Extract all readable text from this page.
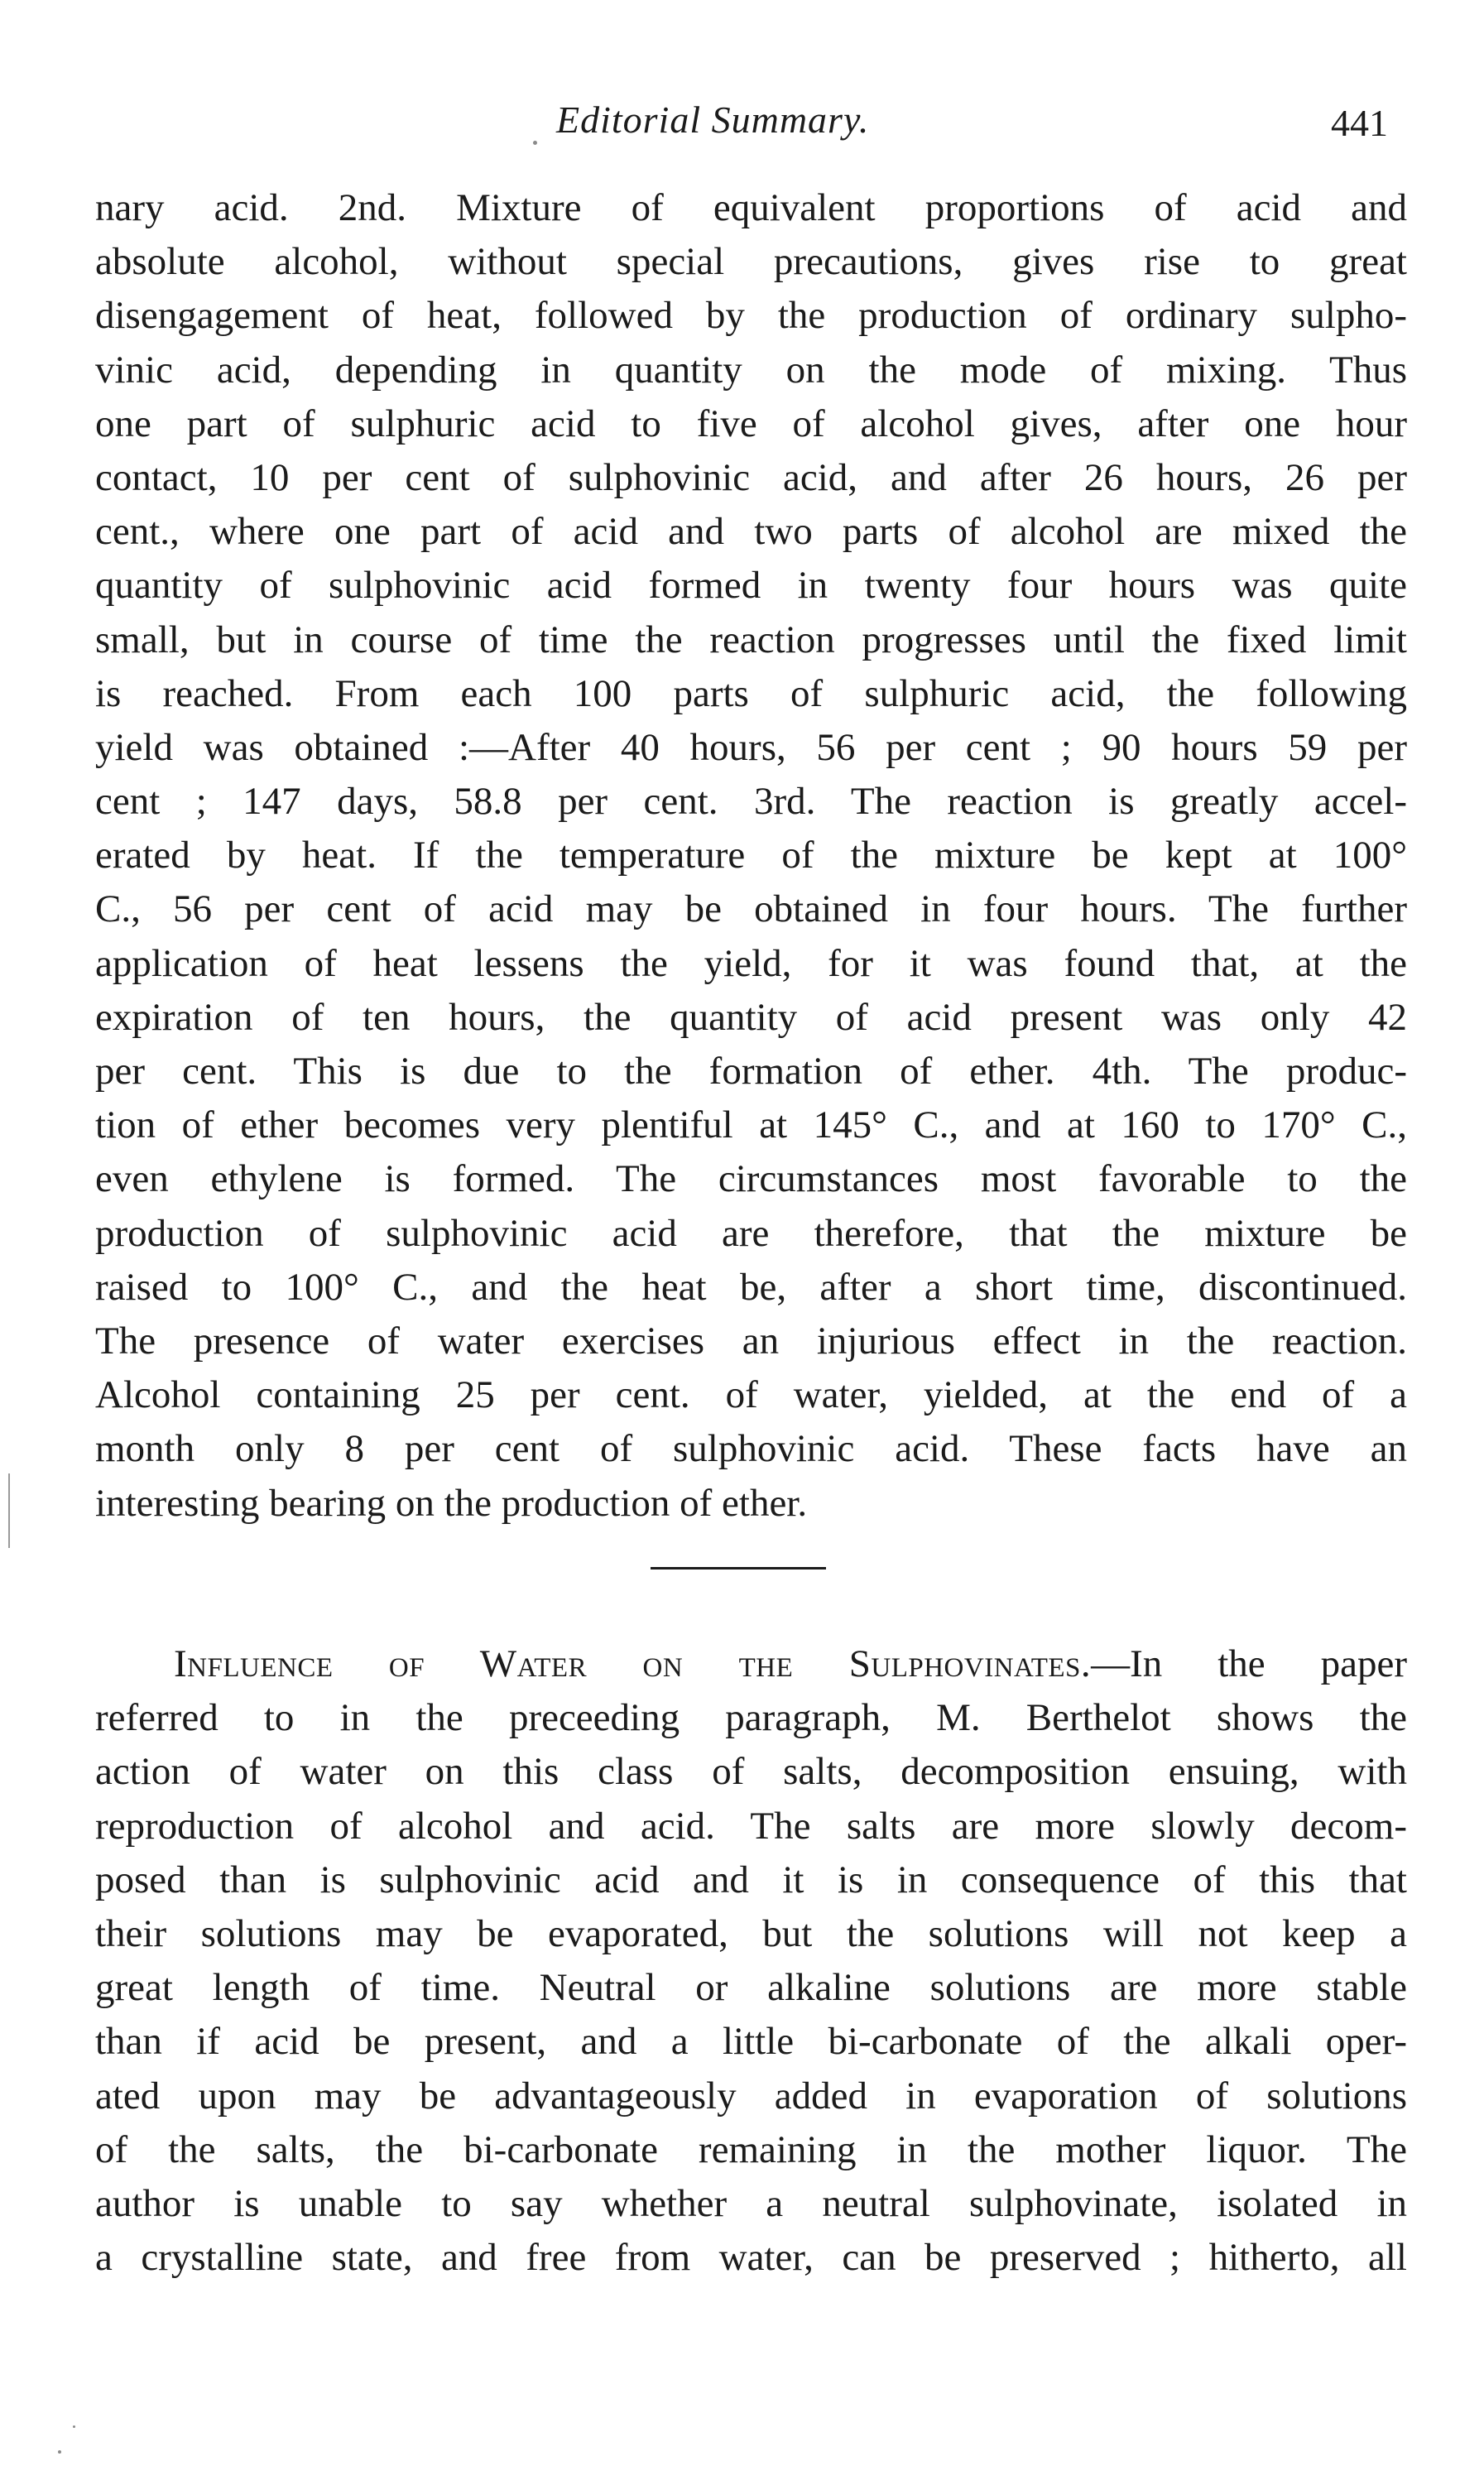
Editorial Summary.	441
nary acid. 2nd. Mixture of equivalent proportions of acid and
absolute alcohol, without special precautions, gives rise to great
disengagement of heat, followed by the production of ordinary sulpho-
vinic acid, depending in quantity on the mode of mixing. Thus
one part of sulphuric acid to five of alcohol gives, after one hour
contact, 10 per cent of sulphovinic acid, and after 26 hours, 26 per
cent., where one part of acid and two parts of alcohol are mixed the
quantity of sulphovinic acid formed in twenty four hours was quite
small, but in course of time the reaction progresses until the fixed limit
is reached. From each 100 parts of sulphuric acid, the following
yield was obtained :—After 40 hours, 56 per cent ; 90 hours 59 per
cent ; 147 days, 58.8 per cent. 3rd. The reaction is greatly accel-
erated by heat. If the temperature of the mixture be kept at 100°
C., 56 per cent of acid may be obtained in four hours. The further
application of heat lessens the yield, for it was found that, at the
expiration of ten hours, the quantity of acid present was only 42
per cent. This is due to the formation of ether. 4th. The produc-
tion of ether becomes very plentiful at 145° C., and at 160 to 170° C.,
even ethylene is formed. The circumstances most favorable to the
production of sulphovinic acid are therefore, that the mixture be
raised to 100° C., and the heat be, after a short time, discontinued.
The presence of water exercises an injurious effect in the reaction.
Alcohol containing 25 per cent. of water, yielded, at the end of a
month only 8 per cent of sulphovinic acid. These facts have an
interesting bearing on the production of ether.
Influence of Water on the Sulphovinates.—In the paper
referred to in the preceeding paragraph, M. Berthelot shows the
action of water on this class of salts, decomposition ensuing, with
reproduction of alcohol and acid. The salts are more slowly decom-
posed than is sulphovinic acid and it is in consequence of this that
their solutions may be evaporated, but the solutions will not keep a
great length of time. Neutral or alkaline solutions are more stable
than if acid be present, and a little bi-carbonate of the alkali oper-
ated upon may be advantageously added in evaporation of solutions
of the salts, the bi-carbonate remaining in the mother liquor. The
author is unable to say whether a neutral sulphovinate, isolated in
a crystalline state, and free from water, can be preserved ; hitherto, all
